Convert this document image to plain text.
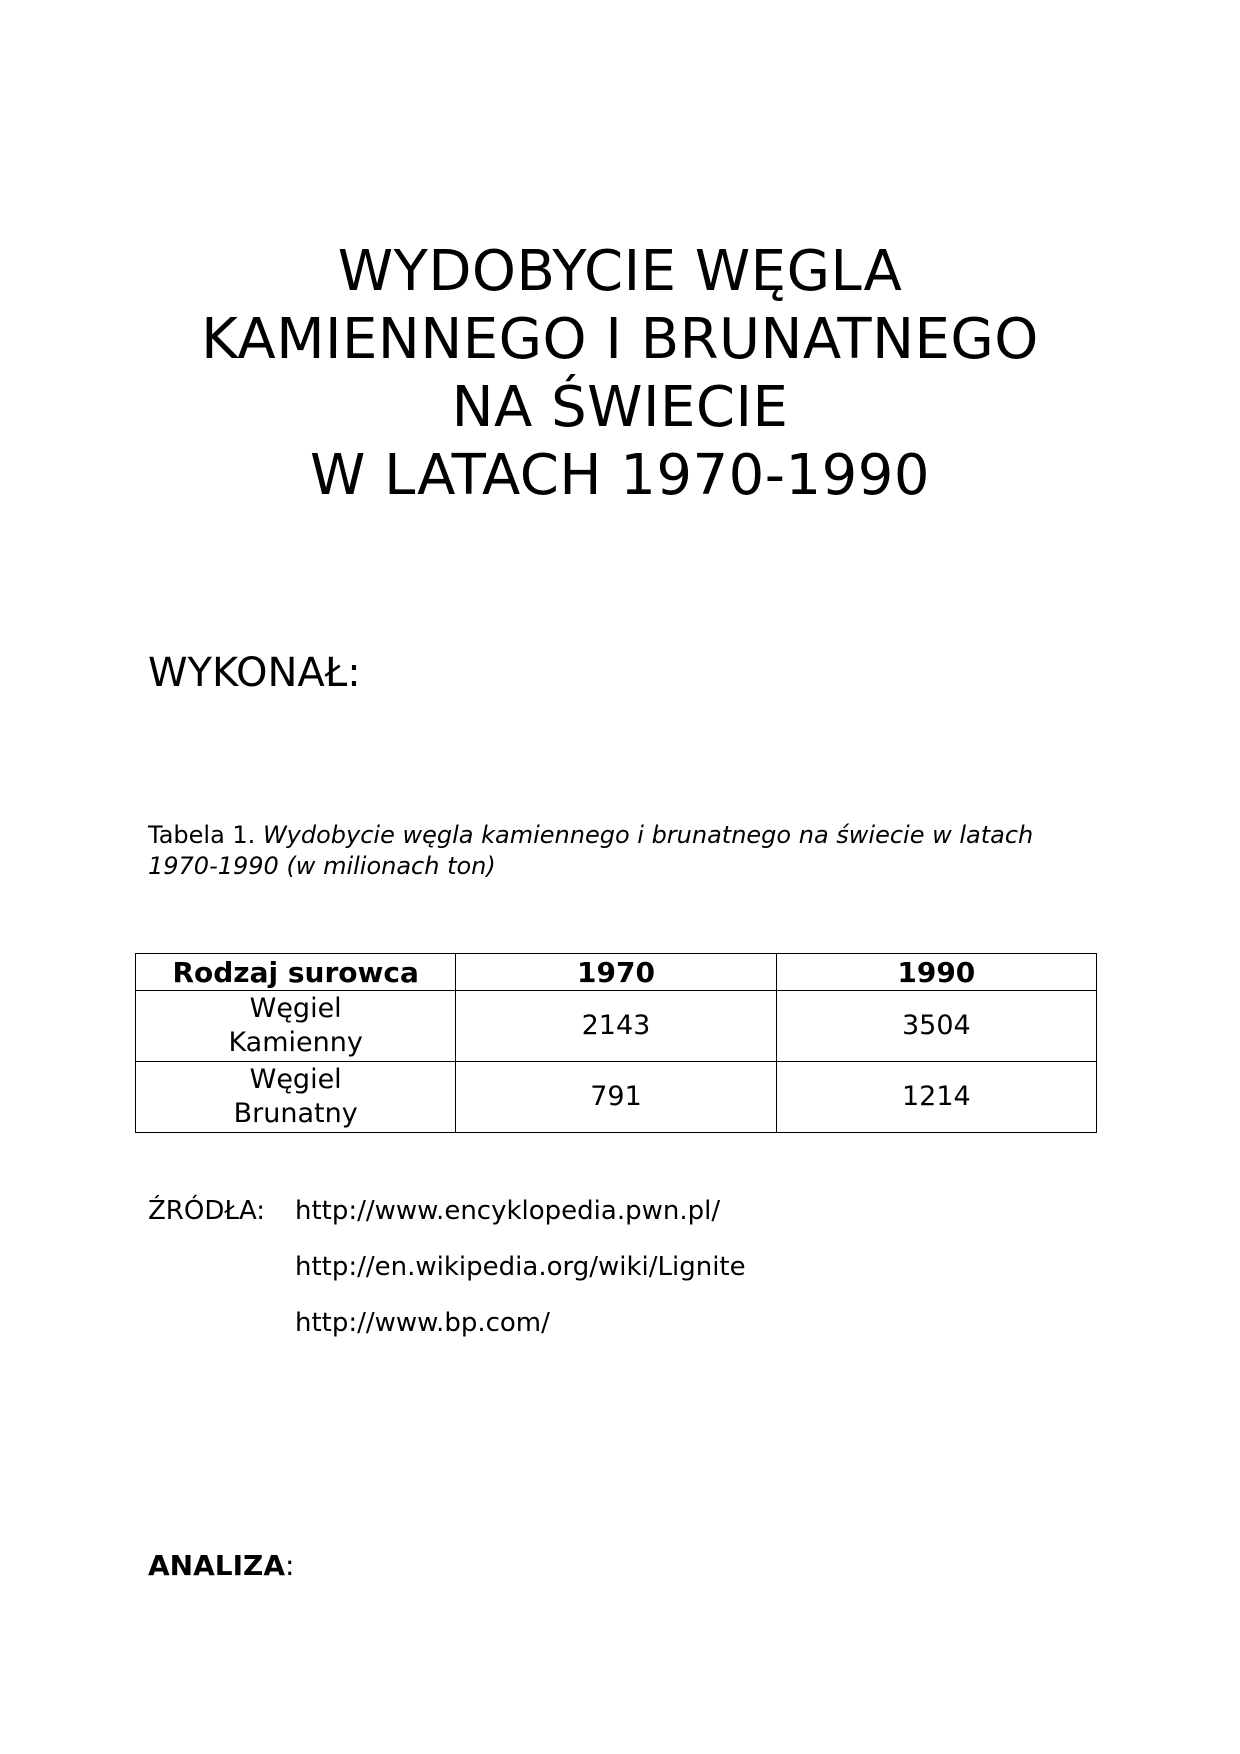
WYDOBYCIE WĘGLA
KAMIENNEGO I BRUNATNEGO
NA ŚWIECIE
W LATACH 1970-1990
WYKONAŁ:
Tabela 1. Wydobycie węgla kamiennego i brunatnego na świecie w latach 1970-1990 (w milionach ton)
Rodzaj surowca	1970	1990

Węgiel
Kamienny	2143	3504

Węgiel
Brunatny	791	1214
ŹRÓDŁA: http://www.encyklopedia.pwn.pl/
http://en.wikipedia.org/wiki/Lignite
http://www.bp.com/
ANALIZA:
